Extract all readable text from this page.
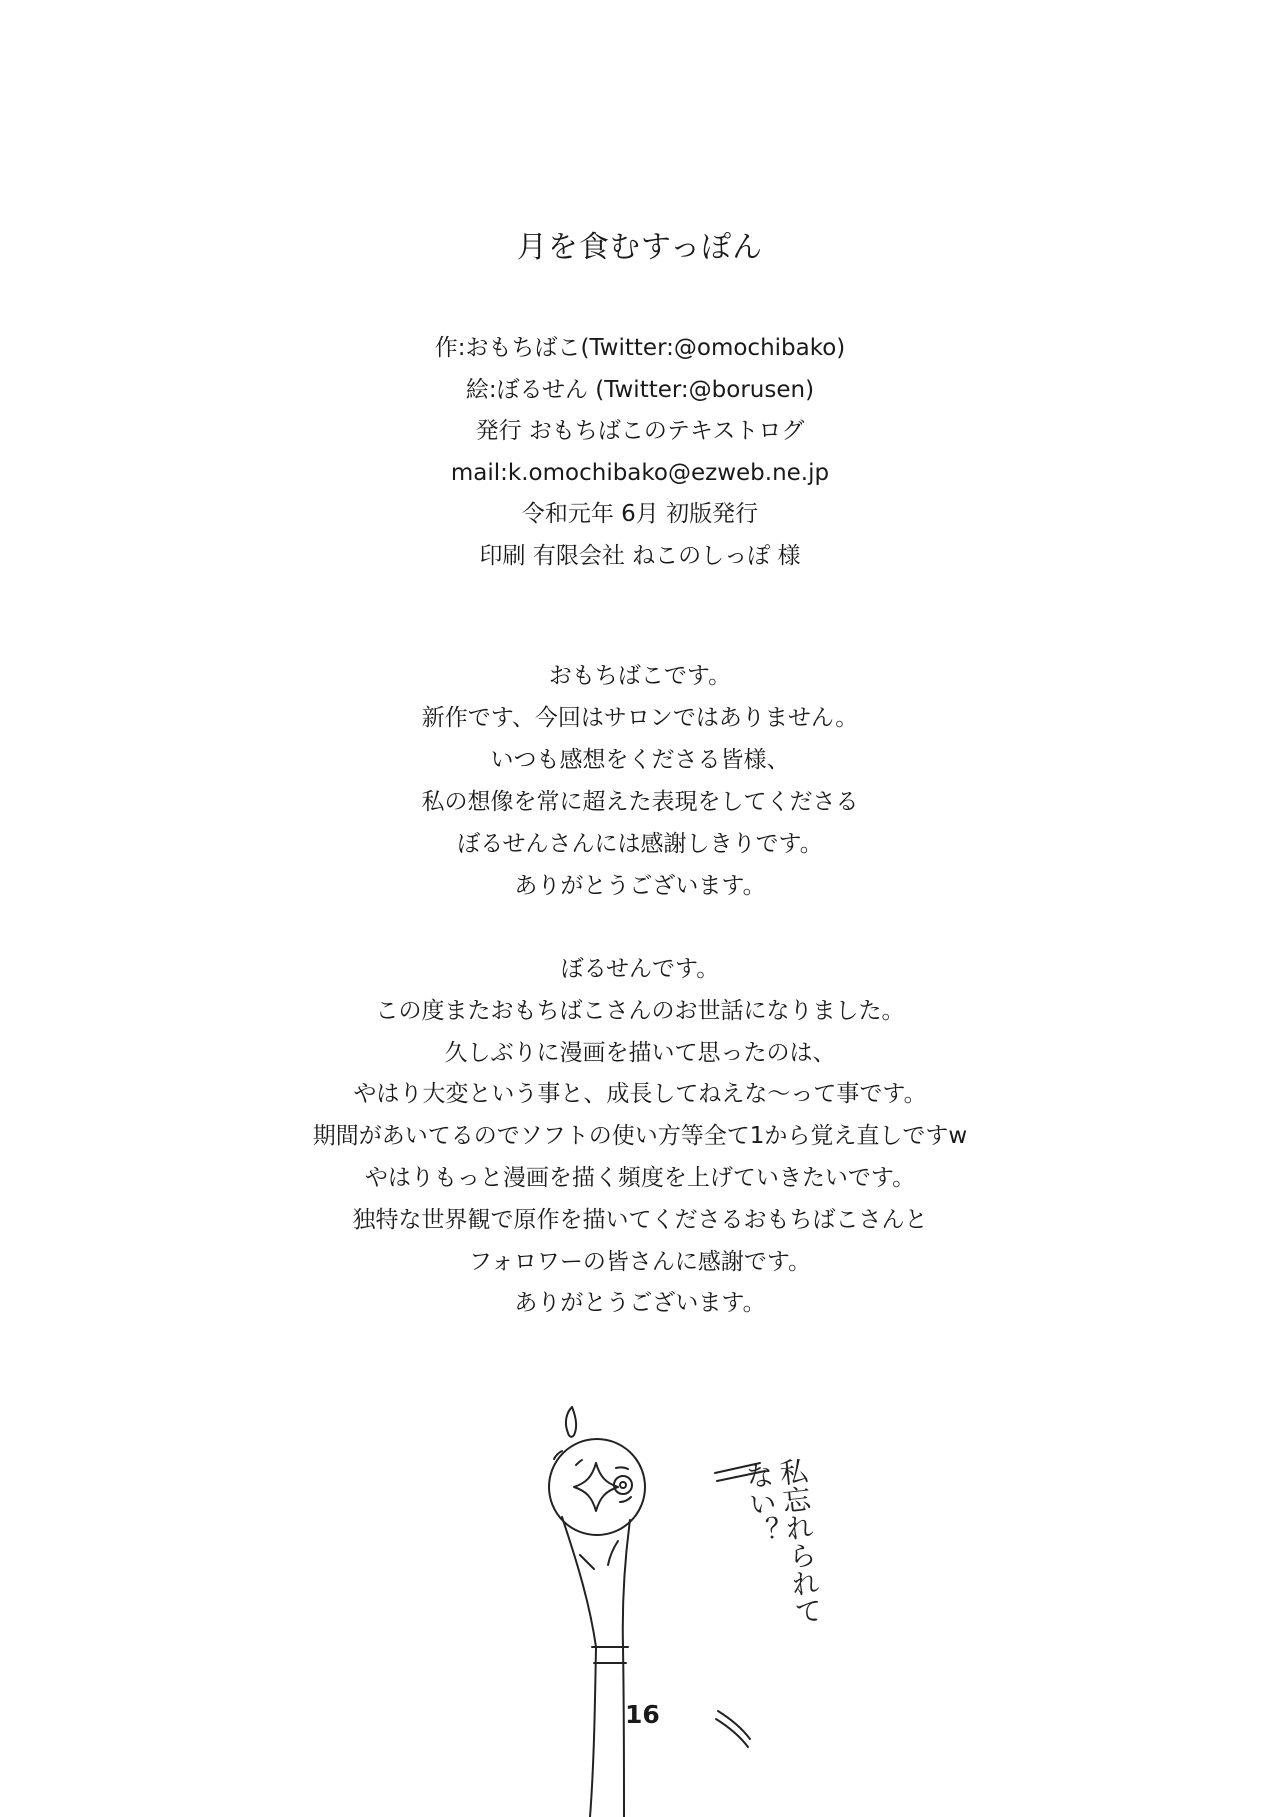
月を食むすっぽん
作:おもちばこ(Twitter:@omochibako)
絵:ぼるせん (Twitter:@borusen)
発行 おもちばこのテキストログ
mail:k.omochibako@ezweb.ne.jp
令和元年 6月 初版発行
印刷 有限会社 ねこのしっぽ 様
おもちばこです。
新作です、今回はサロンではありません。
いつも感想をくださる皆様、
私の想像を常に超えた表現をしてくださる
ぼるせんさんには感謝しきりです。
ありがとうございます。
ぼるせんです。
この度またおもちばこさんのお世話になりました。
久しぶりに漫画を描いて思ったのは、
やはり大変という事と、成長してねえな〜って事です。
期間があいてるのでソフトの使い方等全て1から覚え直しですw
やはりもっと漫画を描く頻度を上げていきたいです。
独特な世界観で原作を描いてくださるおもちばこさんと
フォロワーの皆さんに感謝です。
ありがとうございます。
私忘れられて
ない？
16
